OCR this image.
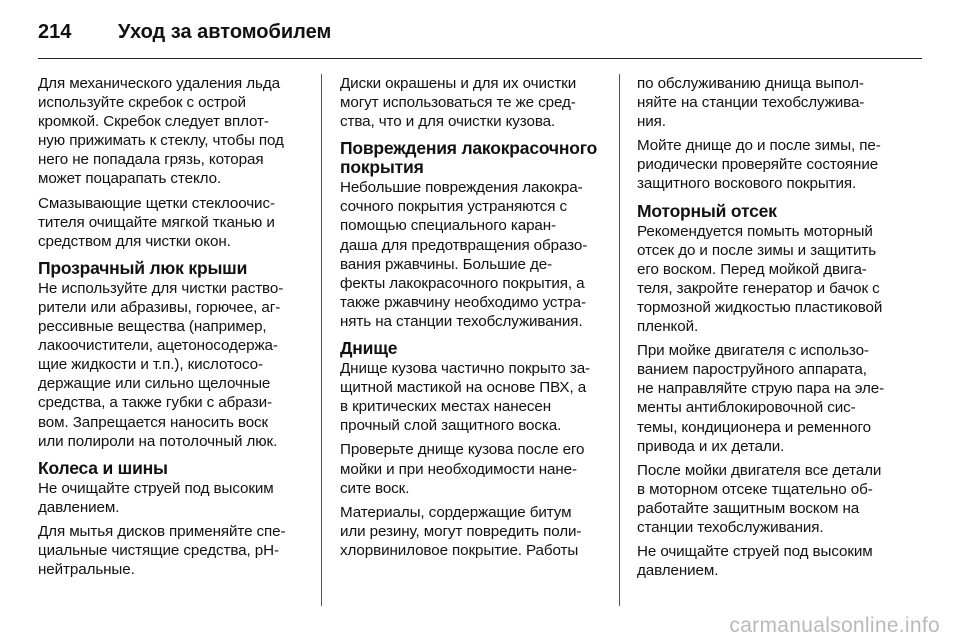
214	Уход за автомобилем

Для механического удаления льда
используйте скребок с острой
кромкой. Скребок следует вплот-
ную прижимать к стеклу, чтобы под
него не попадала грязь, которая
может поцарапать стекло.

Смазывающие щетки стеклоочис-
тителя очищайте мягкой тканью и
средством для чистки окон.

Прозрачный люк крыши

Не используйте для чистки раство-
рители или абразивы, горючее, аг-
рессивные вещества (например,
лакоочистители, ацетоносодержа-
щие жидкости и т.п.), кислотосо-
держащие или сильно щелочные
средства, а также губки с абрази-
вом. Запрещается наносить воск
или полироли на потолочный люк.

Колеса и шины

Не очищайте струей под высоким
давлением.

Для мытья дисков применяйте спе-
циальные чистящие средства, pH-
нейтральные.

Диски окрашены и для их очистки
могут использоваться те же сред-
ства, что и для очистки кузова.

Повреждения лакокрасочного
покрытия

Небольшие повреждения лакокра-
сочного покрытия устраняются с
помощью специального каран-
даша для предотвращения образо-
вания ржавчины. Большие де-
фекты лакокрасочного покрытия, а
также ржавчину необходимо устра-
нять на станции техобслуживания.

Днище

Днище кузова частично покрыто за-
щитной мастикой на основе ПВХ, а
в критических местах нанесен
прочный слой защитного воска.

Проверьте днище кузова после его
мойки и при необходимости нане-
сите воск.

Материалы, сордержащие битум
или резину, могут повредить поли-
хлорвиниловое покрытие. Работы

по обслуживанию днища выпол-
няйте на станции техобслужива-
ния.

Мойте днище до и после зимы, пе-
риодически проверяйте состояние
защитного воскового покрытия.

Моторный отсек

Рекомендуется помыть моторный
отсек до и после зимы и защитить
его воском. Перед мойкой двига-
теля, закройте генератор и бачок с
тормозной жидкостью пластиковой
пленкой.

При мойке двигателя с использо-
ванием пароструйного аппарата,
не направляйте струю пара на эле-
менты антиблокировочной сис-
темы, кондиционера и ременного
привода и их детали.

После мойки двигателя все детали
в моторном отсеке тщательно об-
работайте защитным воском на
станции техобслуживания.

Не очищайте струей под высоким
давлением.

carmanualsonline.info
